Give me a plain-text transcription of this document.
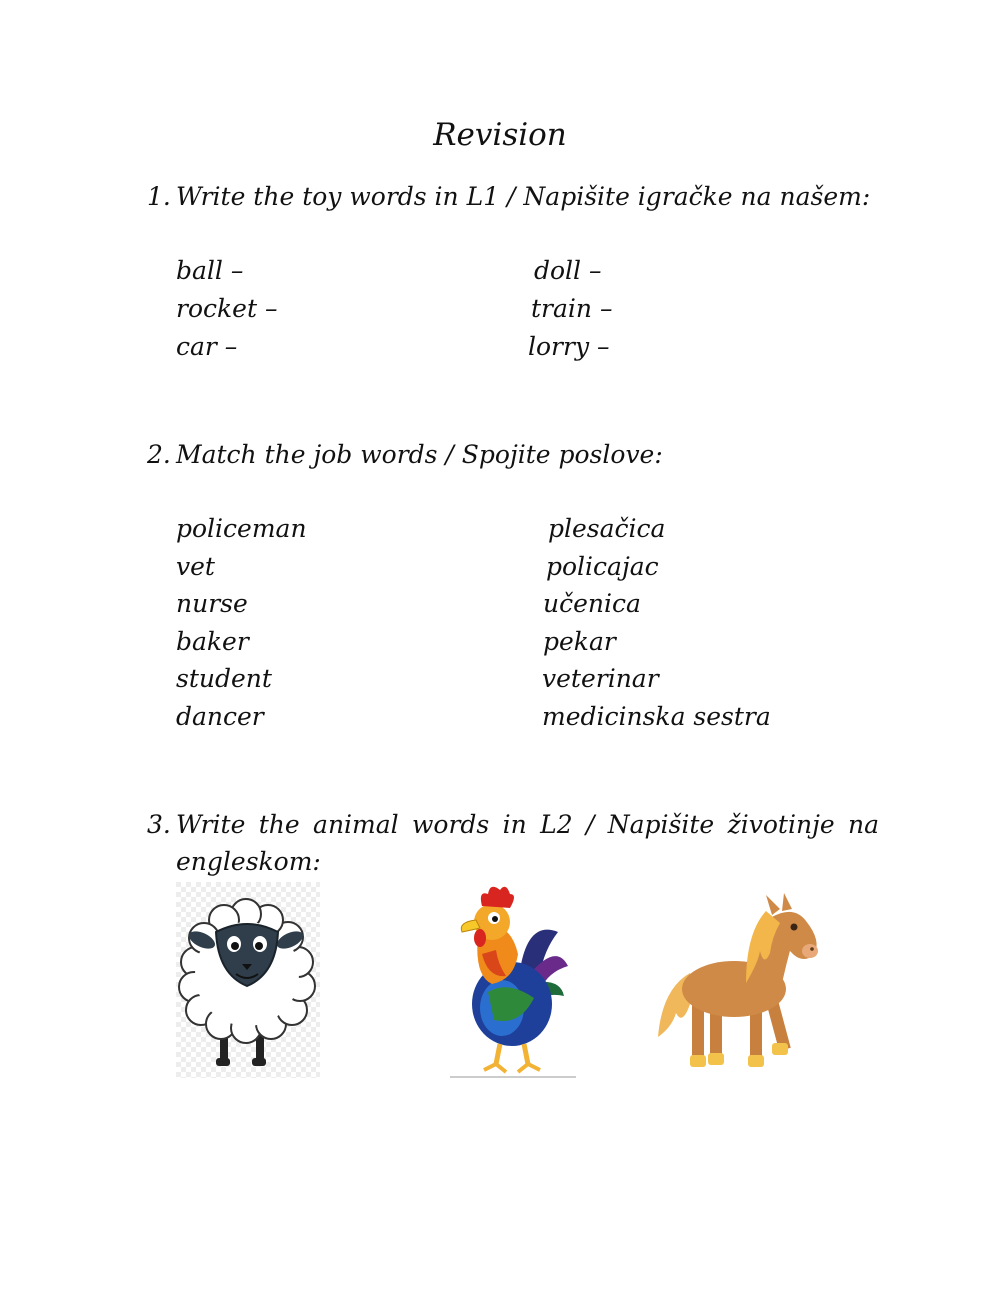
Revision
1. Write the toy words in L1 / Napišite igračke na našem:
ball –
rocket –
car –
doll –
train –
lorry –
2. Match the job words / Spojite poslove:
policeman
vet
nurse
baker
student
dancer
plesačica
policajac
učenica
pekar
veterinar
medicinska sestra
3. Write the animal words in L2 / Napišite životinje na
engleskom:
